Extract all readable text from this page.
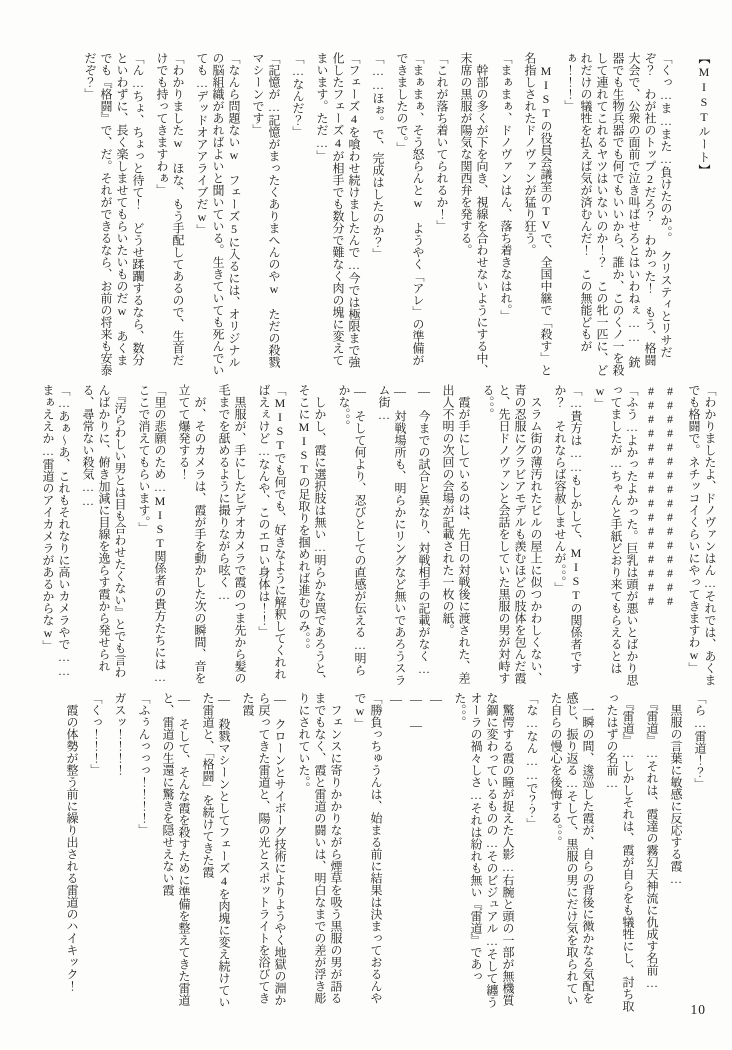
【MISTルート】

「くっ…ま…また…負けたのか。。　クリスティとリサだぞ？　わが社のトップ2だろ？　わかった！　もう、格闘大会で、公衆の面前で泣き叫ばせろとはいわねぇ……　銃器でも生物兵器でも何でもいいから、誰か、このくノ一を殺して連れてこれるヤツはいないのか！？　この牝一匹に、どれだけの犠牲を払えば気が済むんだ！　この無能どもがぁ！！！」

　MISTの役員会議室のTVで、全国中継で「殺す」と名指しされたドノヴァンが猛り狂う。

「まぁまぁ、ドノヴァンはん、落ち着きなはれ。」

　幹部の多くが下を向き、視線を合わせないようにする中、末席の黒服が陽気な関西弁を発する。

「これが落ち着いてられるか！」

「まぁまぁ、そう怒らんとw　ようやく「アレ」の準備ができましたので。」

「……ほぉ。で、完成はしたのか？」

「フェーズ4を喰わせ続けましたんで…今では極限まで強化したフェーズ4が相手でも数分で難なく肉の塊に変えてまいます。ただ…」

「…なんだ？」

「記憶が…記憶がまったくありまへんのやw　ただの殺戮マシーンです」

「なんら問題ないw　フェーズ5に入るには、オリジナルの脳組織があればよいと聞いている。生きていても死んでいても…デッドオアアライブだw」

「わかりましたw　ほな、もう手配してあるので、生首だけでも持ってきますわぁ」

「ん…ちょ、ちょっと待て！　どうせ蹂躙するなら、数分といわずに、長く楽しませてもらいたいものだw　あくまでも『格闘』で、だ。それができるなら、お前の将来も安泰だぞ？」

「わかりましたよ、ドノヴァンはん…それでは、あくまでも格闘で。ネチッコイくらいにやってきますわw」

################

################

「ふう…よかったよかった。巨乳は頭が悪いとばかり思ってましたが…ちゃんと手紙どおり来てもらえるとはw」

「…貴方は……もしかして、MISTの関係者ですか？　それならば容赦しませんが。。。」

　スラム街の薄汚れたビルの屋上に似つかわしくない、青の忍服にグラビアモデルも羨むほどの肢体を包んだ霞と、先日ドノヴァンと会話をしていた黒服の男が対峙する。。。

　霞が手にしているのは、先日の対戦後に渡された、差出人不明の次回の会場が記載された一枚の紙。

―　今までの試合と異なり、対戦相手の記載がなく…

―　対戦場所も、明らかにリングなど無いであろうスラム街…

―　そして何より、忍びとしての直感が伝える…明らかな。。。

　しかし、霞に選択肢は無い…明らかな罠であろうと、そこにMISTの足取りを掴めれば進むのみ。。。

「MISTでも何でも、好きなように解釈してくれればえぇけど…なんや、このエロい身体は！！」

　黒服が、手にしたビデオカメラで霞のつま先から髪の毛までを舐めるように撮りながら呟く…

　が、そのカメラは、霞が手を動かした次の瞬間、音を立てて爆発する！

「里の悲願のため…MIST関係者の貴方たちには…ここで消えてもらいます。」

　『汚らわしい男とは目も合わせたくない』とでも言わんばかりに、俯き加減に目線を逸らす霞から発せられる、尋常ない殺気……

「…あぁ〜あ、これもそれなりに高いカメラやで……まぁええか…雷道のアイカメラがあるからなw」

「ら…雷道！？」

　黒服の言葉に敏感に反応する霞…

　『雷道』…それは、霞達の霧幻天神流に仇成す名前…

　『雷道』…しかしそれは、霞が自らをも犠牲にし、討ち取ったはずの名前…

　一瞬の間、逡巡した霞が、自らの背後に微かなる気配を感じ、振り返る…そして、黒服の男にだけ気を取られていた自らの慢心を後悔する。。。

「な…なん……で？？」

　驚愕する霞の瞳が捉えた人影…右腕と頭の一部が無機質な鋼に変わっているものの…そのビジュアル…そして纏うオーラの禍々しさ…それは紛れも無い『雷道』であった。。。

―

―　―

―

「勝負っちゅうんは、始まる前に結果は決まっておるんやでw」

　フェンスに寄りかかりながら煙草を吸う黒服の男が語るまでもなく、霞と雷道の闘いは、明白なまでの差が浮き彫りにされていた。。

―　クローンとサイボーグ技術によりようやく地獄の淵から戻ってきた雷道と、陽の光とスポットライトを浴びてきた霞

―　殺戮マシーンとしてフェーズ4を肉塊に変え続けていた雷道と、「格闘」を続けてきた霞

―　そして、そんな霞を殺すために準備を整えてきた雷道と、雷道の生還に驚きを隠せえない霞

「ふぅんっっっ！！！！」

ガスッ！！！！

「くっ！！！」

　霞の体勢が整う前に繰り出される雷道のハイキック！

10
